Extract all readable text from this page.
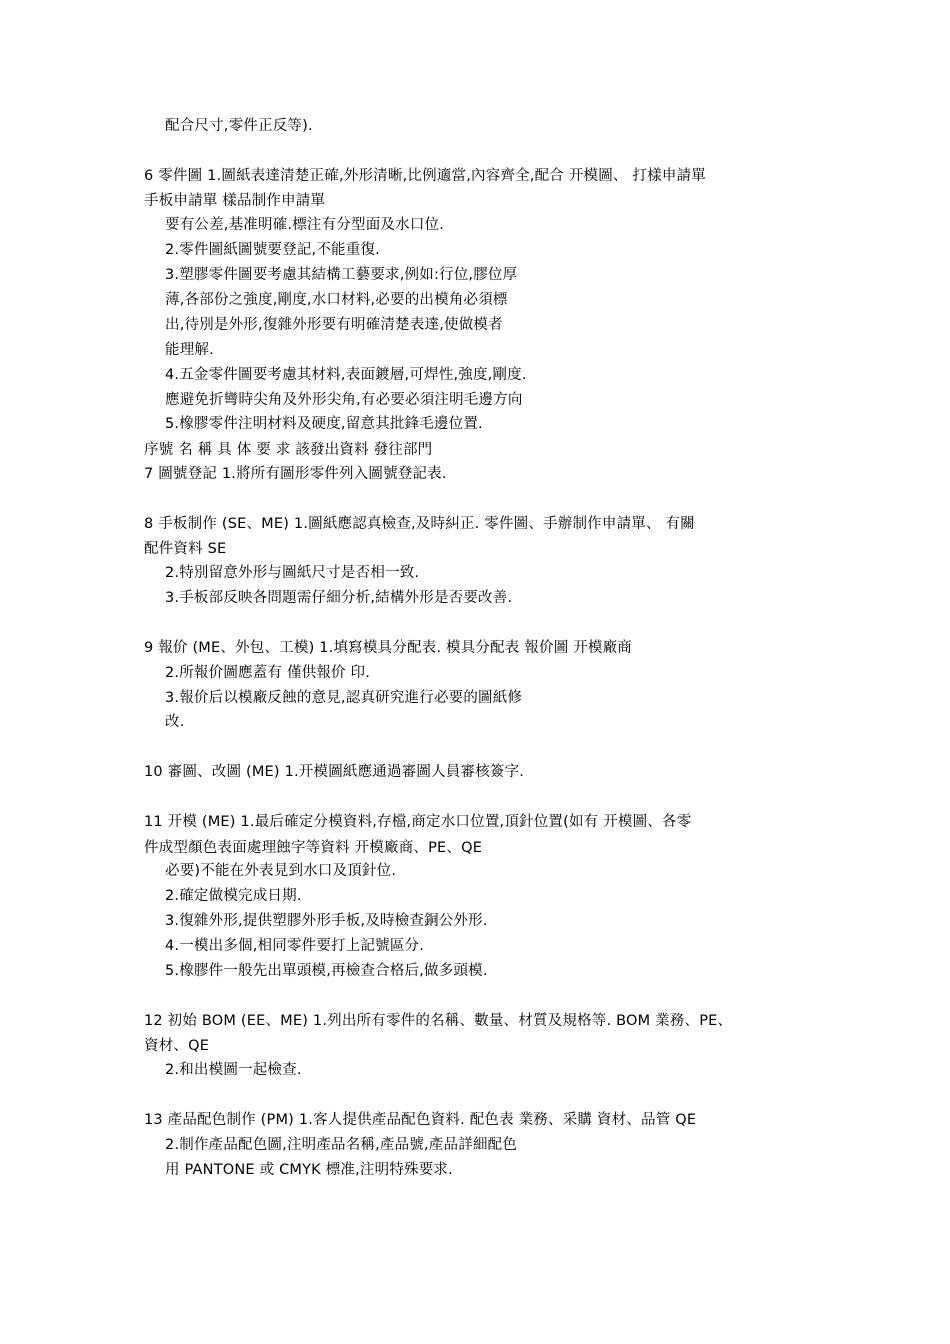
配合尺寸,零件正反等).
6 零件圖 1.圖紙表達清楚正確,外形清晰,比例適當,內容齊全,配合 开模圖、 打樣申請單
手板申請單 樣品制作申請單
要有公差,基准明確.標注有分型面及水口位.
2.零件圖紙圖號要登記,不能重復.
3.塑膠零件圖要考慮其結構工藝要求,例如:行位,膠位厚
薄,各部份之強度,剛度,水口材料,必要的出模角必須標
出,待別是外形,復雜外形要有明確清楚表達,使做模者
能理解.
4.五金零件圖要考慮其材料,表面鍍層,可焊性,強度,剛度.
應避免折彎時尖角及外形尖角,有必要必須注明毛邊方向
5.橡膠零件注明材料及硬度,留意其批鋒毛邊位置.
序號 名 稱 具 体 要 求 該發出資料 發往部門
7 圖號登記 1.將所有圖形零件列入圖號登記表.
8 手板制作 (SE、ME) 1.圖紙應認真檢查,及時糾正. 零件圖、手辦制作申請單、 有關
配件資料 SE
2.特別留意外形与圖紙尺寸是否相一致.
3.手板部反映各問題需仔細分析,結構外形是否要改善.
9 報价 (ME、外包、工模) 1.填寫模具分配表. 模具分配表 報价圖 开模廠商
2.所報价圖應蓋有 僅供報价 印.
3.報价后以模廠反蝕的意見,認真研究進行必要的圖紙修
改.
10 審圖、改圖 (ME) 1.开模圖紙應通過審圖人員審核簽字.
11 开模 (ME) 1.最后確定分模資料,存檔,商定水口位置,頂針位置(如有 开模圖、各零
件成型顏色表面處理蝕字等資料 开模廠商、PE、QE
必要)不能在外表見到水口及頂針位.
2.確定做模完成日期.
3.復雜外形,提供塑膠外形手板,及時檢查銅公外形.
4.一模出多個,相同零件要打上記號區分.
5.橡膠件一般先出單頭模,再檢查合格后,做多頭模.
12 初始 BOM (EE、ME) 1.列出所有零件的名稱、數量、材質及規格等. BOM 業務、PE、
資材、QE
2.和出模圖一起檢查.
13 產品配色制作 (PM) 1.客人提供產品配色資料. 配色表 業務、采購 資材、品管 QE
2.制作產品配色圖,注明產品名稱,產品號,產品詳細配色
用 PANTONE 或 CMYK 標准,注明特殊要求.
